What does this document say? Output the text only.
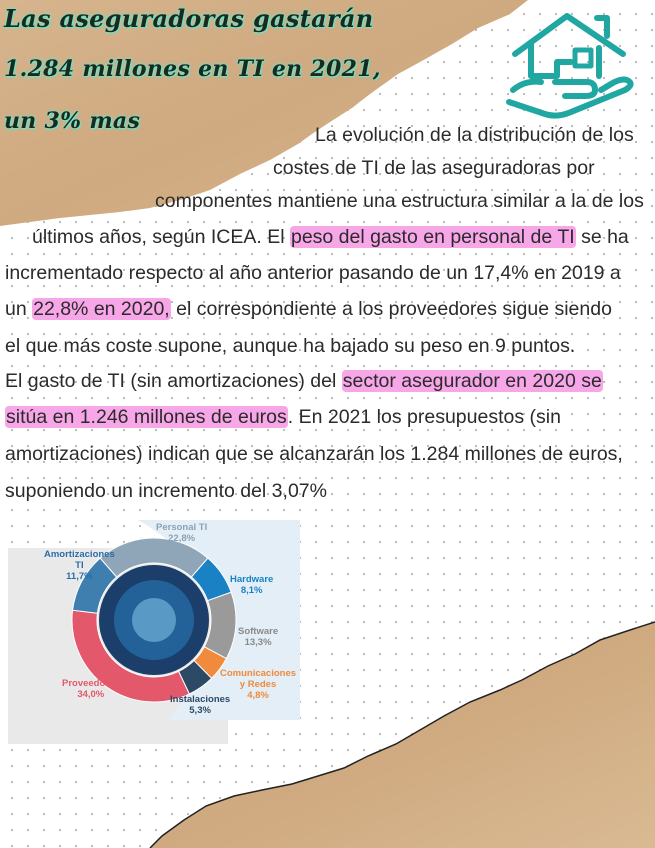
Las aseguradoras gastarán
1.284 millones en TI en 2021,
un 3% mas

La evolución de la distribución de los

costes de TI de las aseguradoras por

componentes mantiene una estructura similar a la de los

últimos años, según ICEA. El peso del gasto en personal de TI se ha

incrementado respecto al año anterior pasando de un 17,4% en 2019 a

un 22,8% en 2020, el correspondiente a los proveedores sigue siendo

el que más coste supone, aunque ha bajado su peso en 9 puntos.

El gasto de TI (sin amortizaciones) del sector asegurador en 2020 se

sitúa en 1.246 millones de euros. En 2021 los presupuestos (sin

amortizaciones) indican que se alcanzarán los 1.284 millones de euros,

suponiendo un incremento del 3,07%

Personal TI
22,8%
Amortizaciones
TI
11,7%	Hardware
8,1%
Software
13,3%
Comunicaciones
y Redes
4,8%
Instalaciones
5,3%
Proveedores
34,0%
